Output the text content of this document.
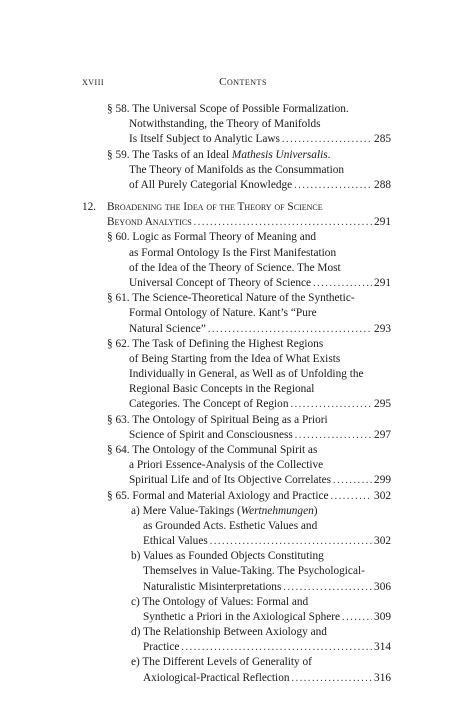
xviii	Contents
§ 58. The Universal Scope of Possible Formalization.
Notwithstanding, the Theory of Manifolds
Is Itself Subject to Analytic Laws .....	285
§ 59. The Tasks of an Ideal Mathesis Universalis.
The Theory of Manifolds as the Consummation
of All Purely Categorial Knowledge .....	288
12. Broadening the Idea of the Theory of Science
Beyond Analytics .....	291
§ 60. Logic as Formal Theory of Meaning and
as Formal Ontology Is the First Manifestation
of the Idea of the Theory of Science. The Most
Universal Concept of Theory of Science .....	291
§ 61. The Science-Theoretical Nature of the Synthetic-
Formal Ontology of Nature. Kant’s “Pure
Natural Science” .....	293
§ 62. The Task of Defining the Highest Regions
of Being Starting from the Idea of What Exists
Individually in General, as Well as of Unfolding the
Regional Basic Concepts in the Regional
Categories. The Concept of Region .....	295
§ 63. The Ontology of Spiritual Being as a Priori
Science of Spirit and Consciousness .....	297
§ 64. The Ontology of the Communal Spirit as
a Priori Essence-Analysis of the Collective
Spiritual Life and of Its Objective Correlates .....	299
§ 65. Formal and Material Axiology and Practice .....	302
a) Mere Value-Takings (Wertnehmungen)
as Grounded Acts. Esthetic Values and
Ethical Values .....	302
b) Values as Founded Objects Constituting
Themselves in Value-Taking. The Psychological-
Naturalistic Misinterpretations .....	306
c) The Ontology of Values: Formal and
Synthetic a Priori in the Axiological Sphere .....	309
d) The Relationship Between Axiology and
Practice .....	314
e) The Different Levels of Generality of
Axiological-Practical Reflection .....	316
